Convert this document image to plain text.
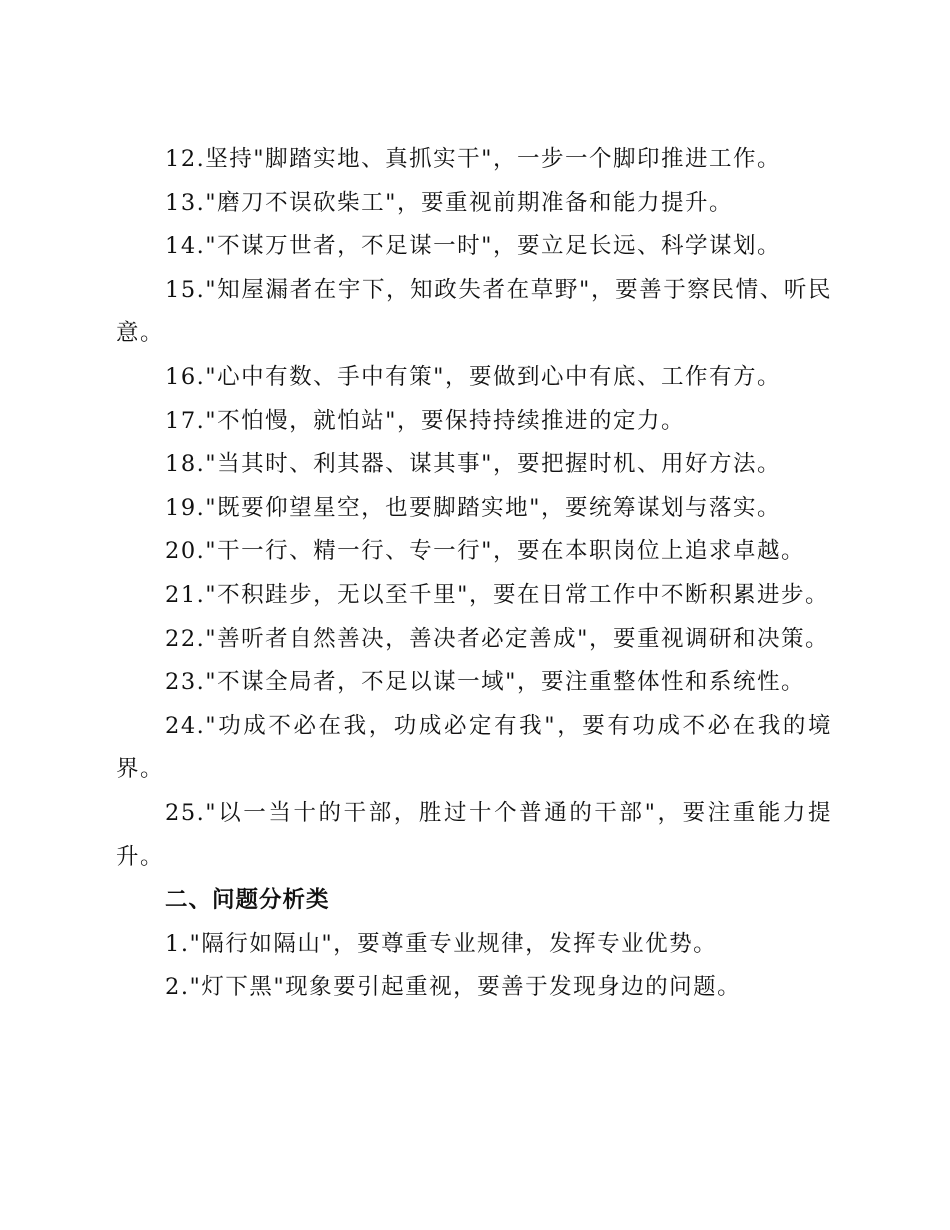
12.坚持"脚踏实地、真抓实干"，一步一个脚印推进工作。

13."磨刀不误砍柴工"，要重视前期准备和能力提升。

14."不谋万世者，不足谋一时"，要立足长远、科学谋划。

15."知屋漏者在宇下，知政失者在草野"，要善于察民情、听民意。

16."心中有数、手中有策"，要做到心中有底、工作有方。

17."不怕慢，就怕站"，要保持持续推进的定力。

18."当其时、利其器、谋其事"，要把握时机、用好方法。

19."既要仰望星空，也要脚踏实地"，要统筹谋划与落实。

20."干一行、精一行、专一行"，要在本职岗位上追求卓越。

21."不积跬步，无以至千里"，要在日常工作中不断积累进步。

22."善听者自然善决，善决者必定善成"，要重视调研和决策。

23."不谋全局者，不足以谋一域"，要注重整体性和系统性。

24."功成不必在我，功成必定有我"，要有功成不必在我的境界。

25."以一当十的干部，胜过十个普通的干部"，要注重能力提升。

二、问题分析类

1."隔行如隔山"，要尊重专业规律，发挥专业优势。

2."灯下黑"现象要引起重视，要善于发现身边的问题。
